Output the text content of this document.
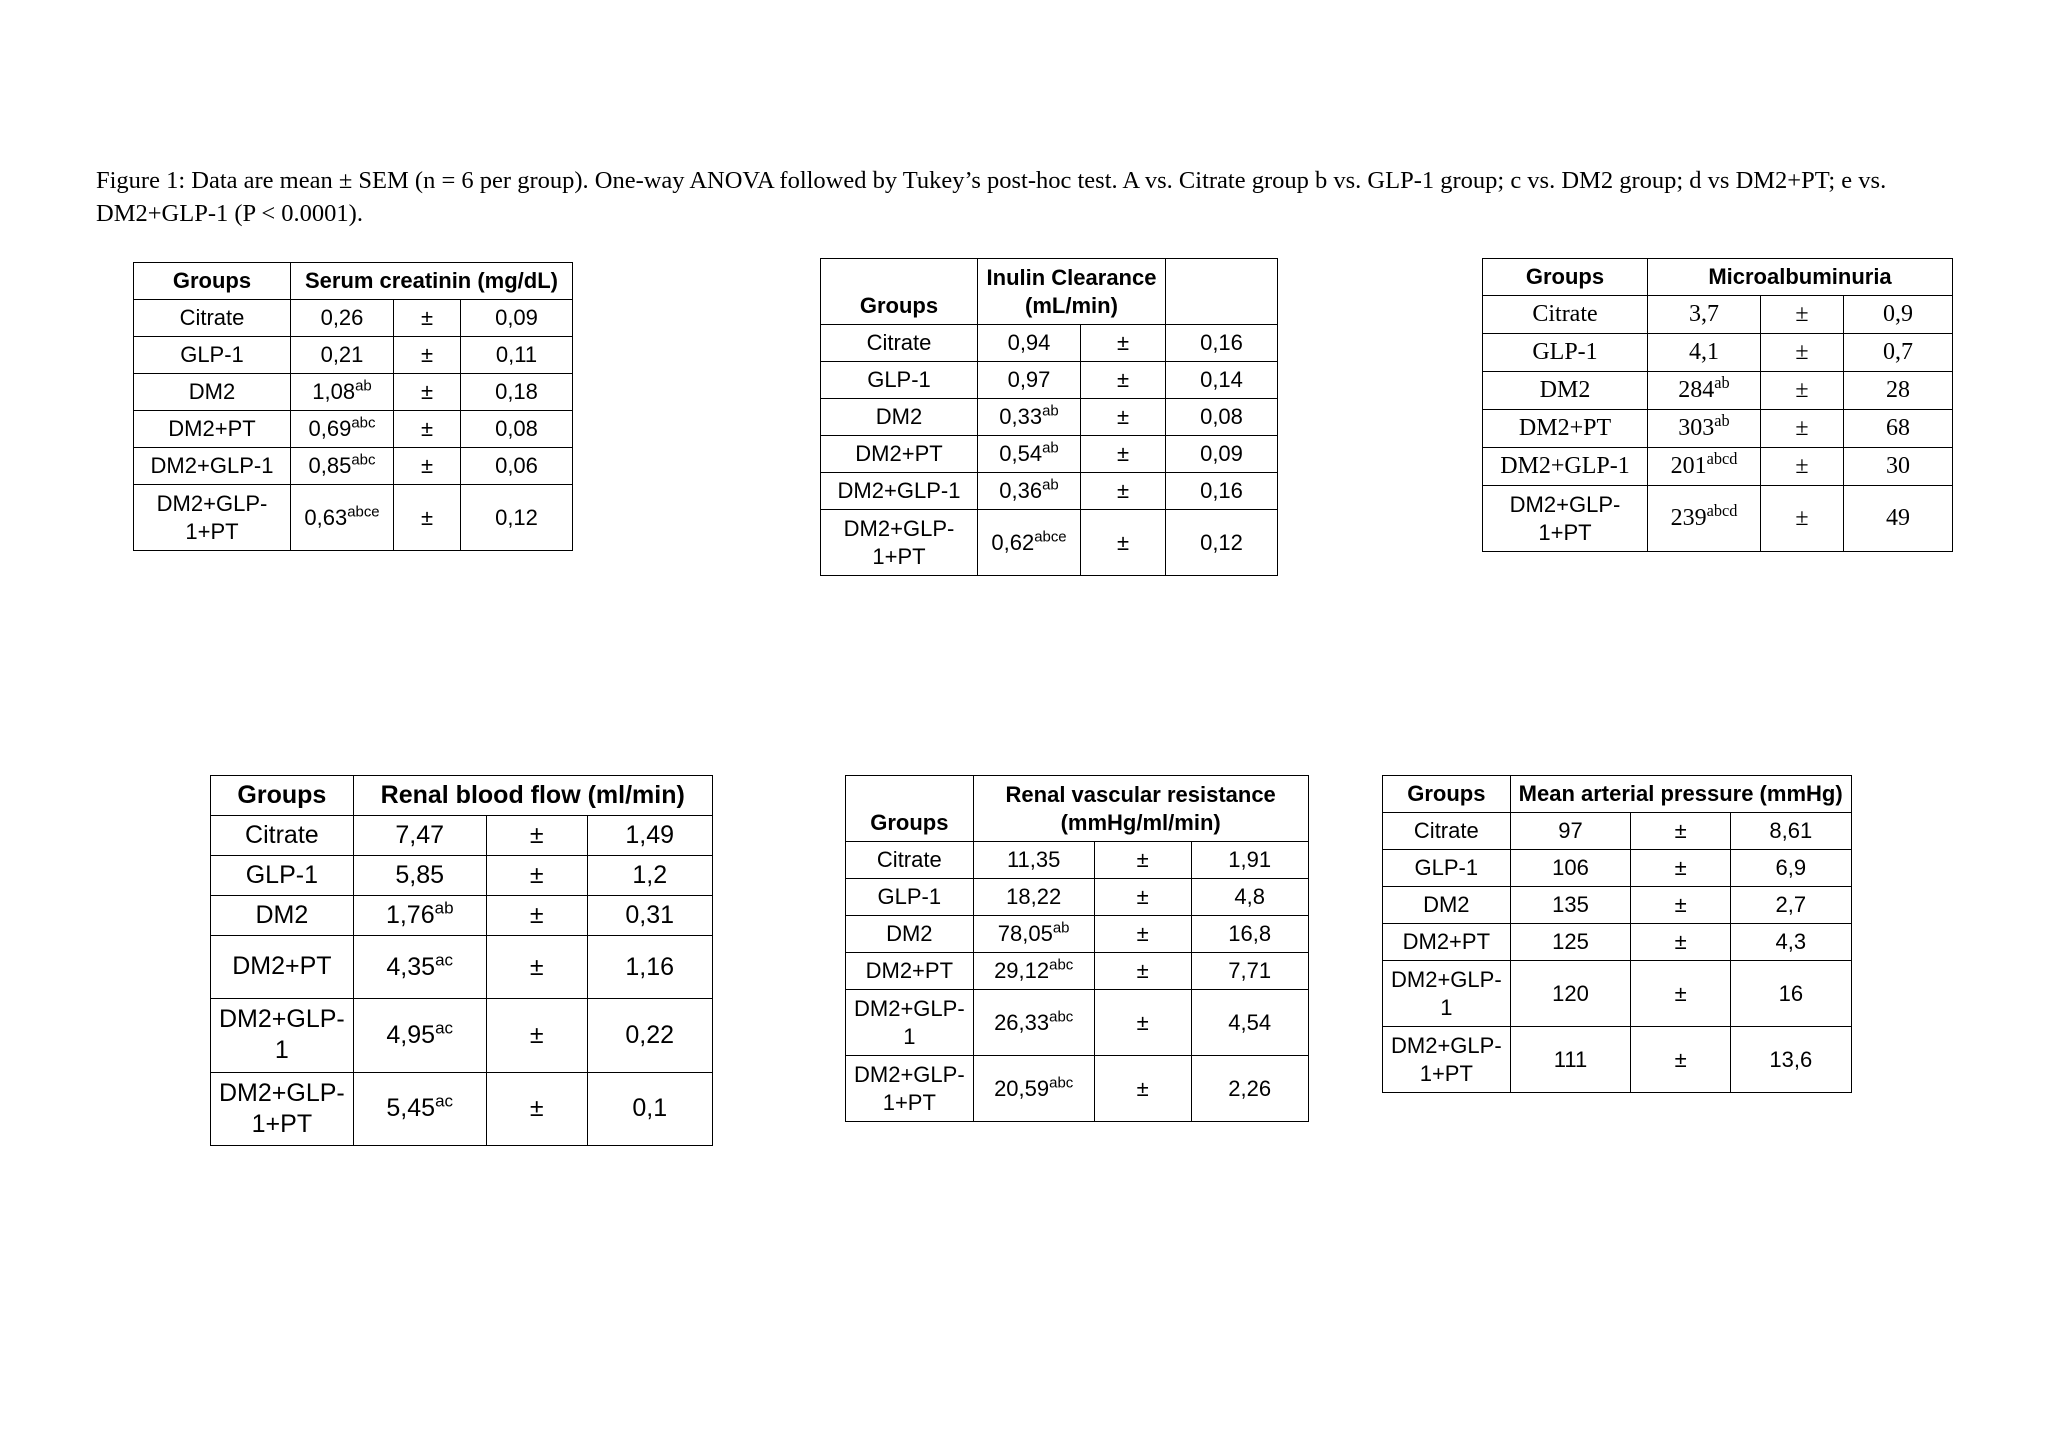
Figure 1: Data are mean ± SEM (n = 6 per group). One-way ANOVA followed by Tukey’s post-hoc test. A vs. Citrate group b vs. GLP-1 group; c vs. DM2 group; d vs DM2+PT; e vs. DM2+GLP-1 (P < 0.0001).
Groups	Serum creatinin (mg/dL)		
Citrate	0,26	±	0,09
GLP-1	0,21	±	0,11
DM2	1,08$^{ab}$	±	0,18
DM2+PT	0,69$^{abc}$	±	0,08
DM2+GLP-1	0,85$^{abc}$	±	0,06
DM2+GLP-1+PT	$0,63^{abce}$	±	0,12
Groups	Inulin Clearance (mL/min)		
Citrate	0,94	±	0,16
GLP-1	0,97	±	0,14
DM2	0,33$^{ab}$	±	0,08
DM2+PT	0,54$^{ab}$	±	0,09
DM2+GLP-1	0,36$^{ab}$	±	0,16
DM2+GLP-1+PT	$0,62^{abce}$	±	0,12
Groups	Microalbuminuria		
Citrate	3,7	±	0,9
GLP-1	4,1	±	0,7
DM2	$284^{ab}$	±	28
DM2+PT	$303^{ab}$	±	68
DM2+GLP-1	$201^{abcd}$	±	30
DM2+GLP-1+PT	$239^{abcd}$	±	49
Groups	Renal blood flow (ml/min)		
Citrate	7,47	±	1,49
GLP-1	5,85	±	1,2
DM2	1,76$^{ab}$	±	0,31
DM2+PT	4,35$^{ac}$	±	1,16
DM2+GLP-1	4,95$^{ac}$	±	0,22
DM2+GLP-1+PT	5,45$^{ac}$	±	0,1
Groups	Renal vascular resistance (mmHg/ml/min)		
Citrate	11,35	±	1,91
GLP-1	18,22	±	4,8
DM2	78,05$^{ab}$	±	16,8
DM2+PT	29,12$^{abc}$	±	7,71
DM2+GLP-1	26,33$^{abc}$	±	4,54
DM2+GLP-1+PT	20,59$^{abc}$	±	2,26
Groups	Mean arterial pressure (mmHg)		
Citrate	97	±	8,61
GLP-1	106	±	6,9
DM2	135	±	2,7
DM2+PT	125	±	4,3
DM2+GLP-1	120	±	16
DM2+GLP-1+PT	111	±	13,6
